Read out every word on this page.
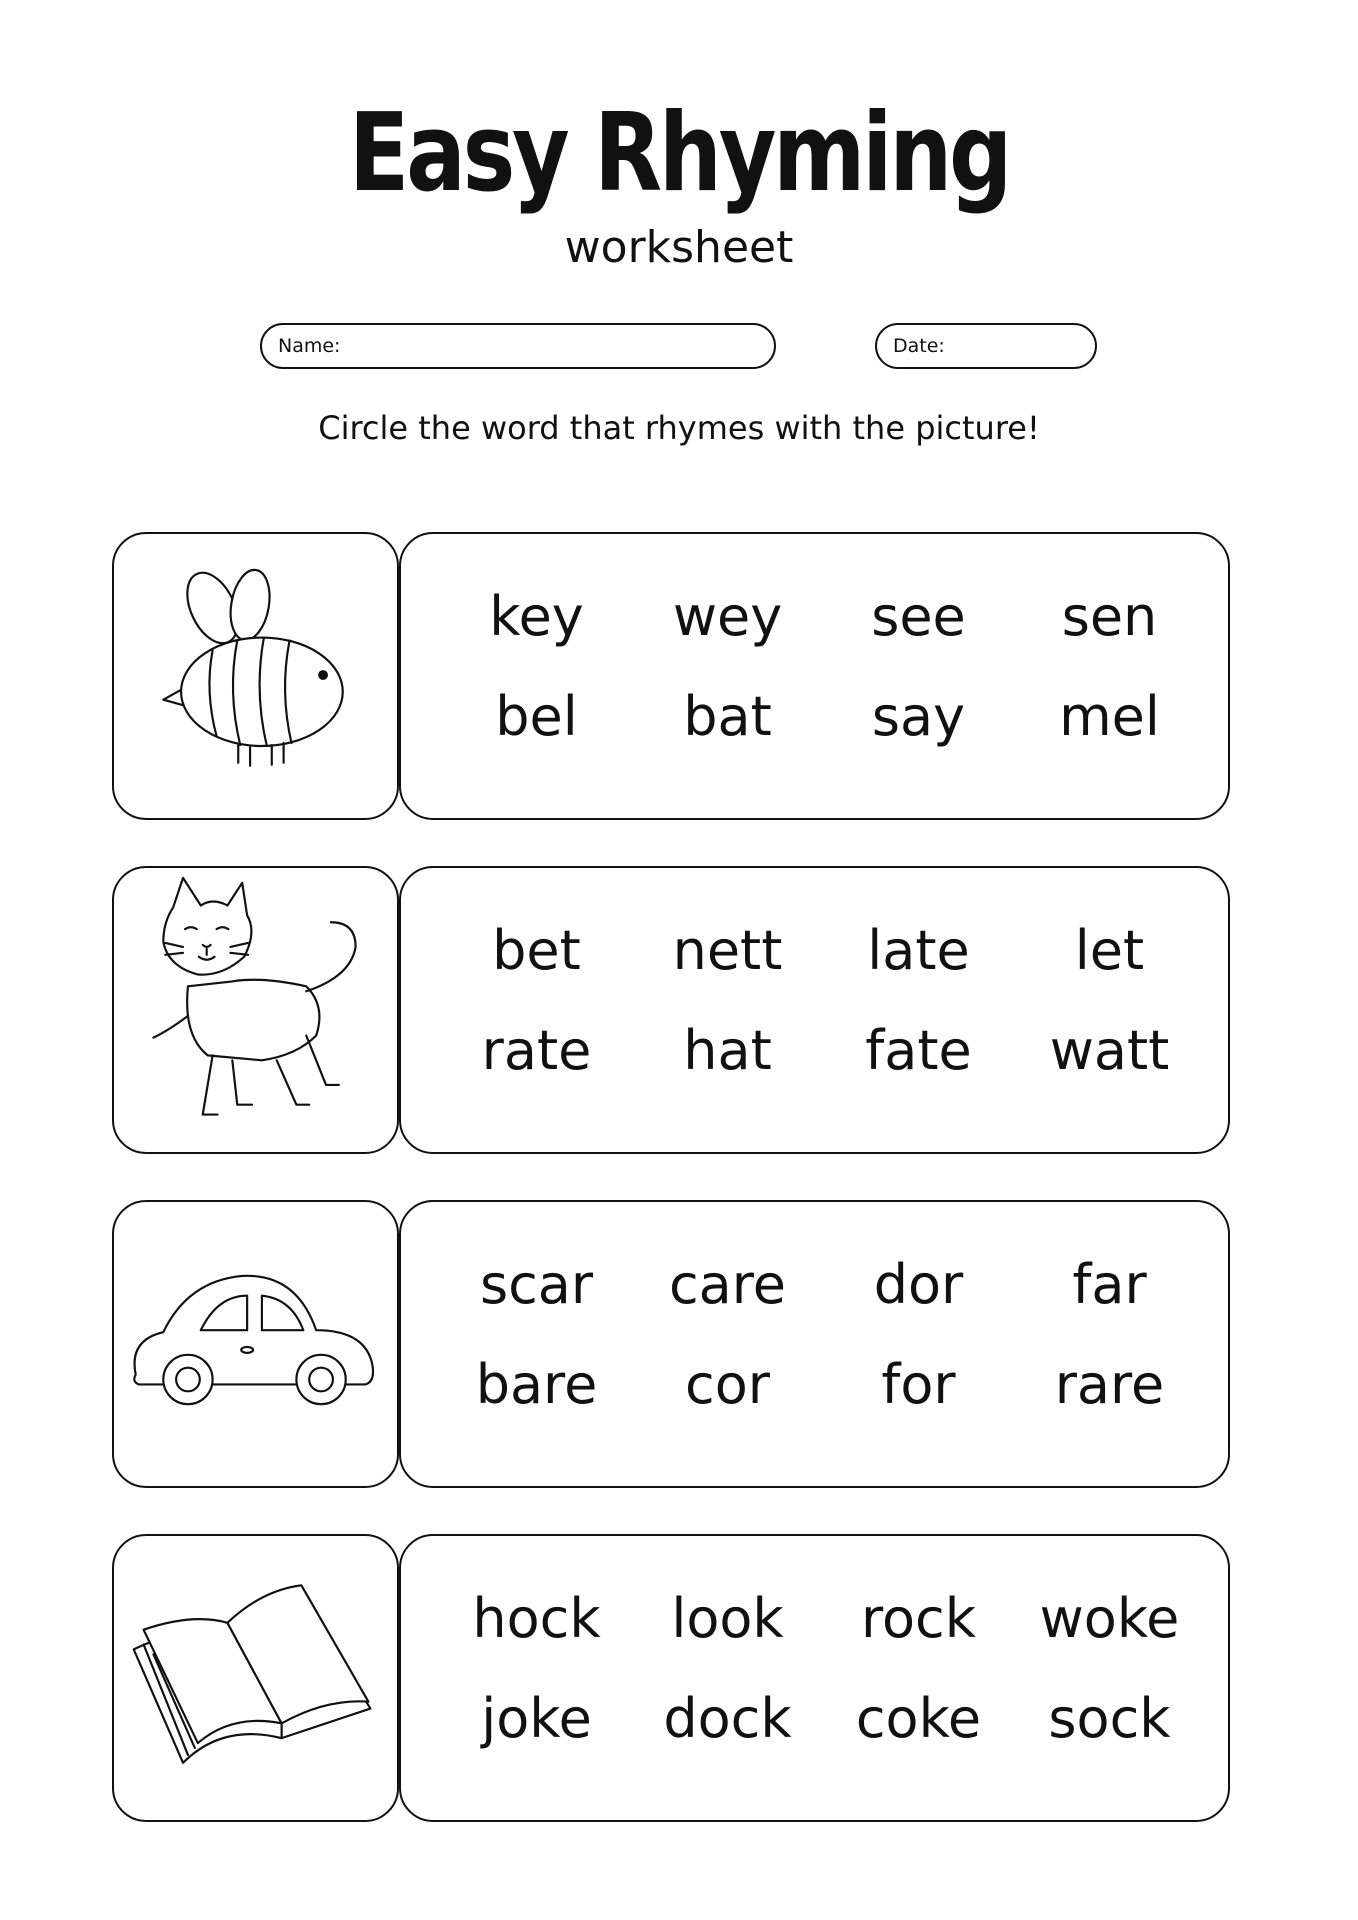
Easy Rhyming
worksheet
Name:	Date:
Circle the word that rhymes with the picture!
key	wey	see	sen
bel	bat	say	mel
bet	nett	late	let
rate	hat	fate	watt
scar	care	dor	far
bare	cor	for	rare
hock	look	rock	woke
joke	dock	coke	sock
